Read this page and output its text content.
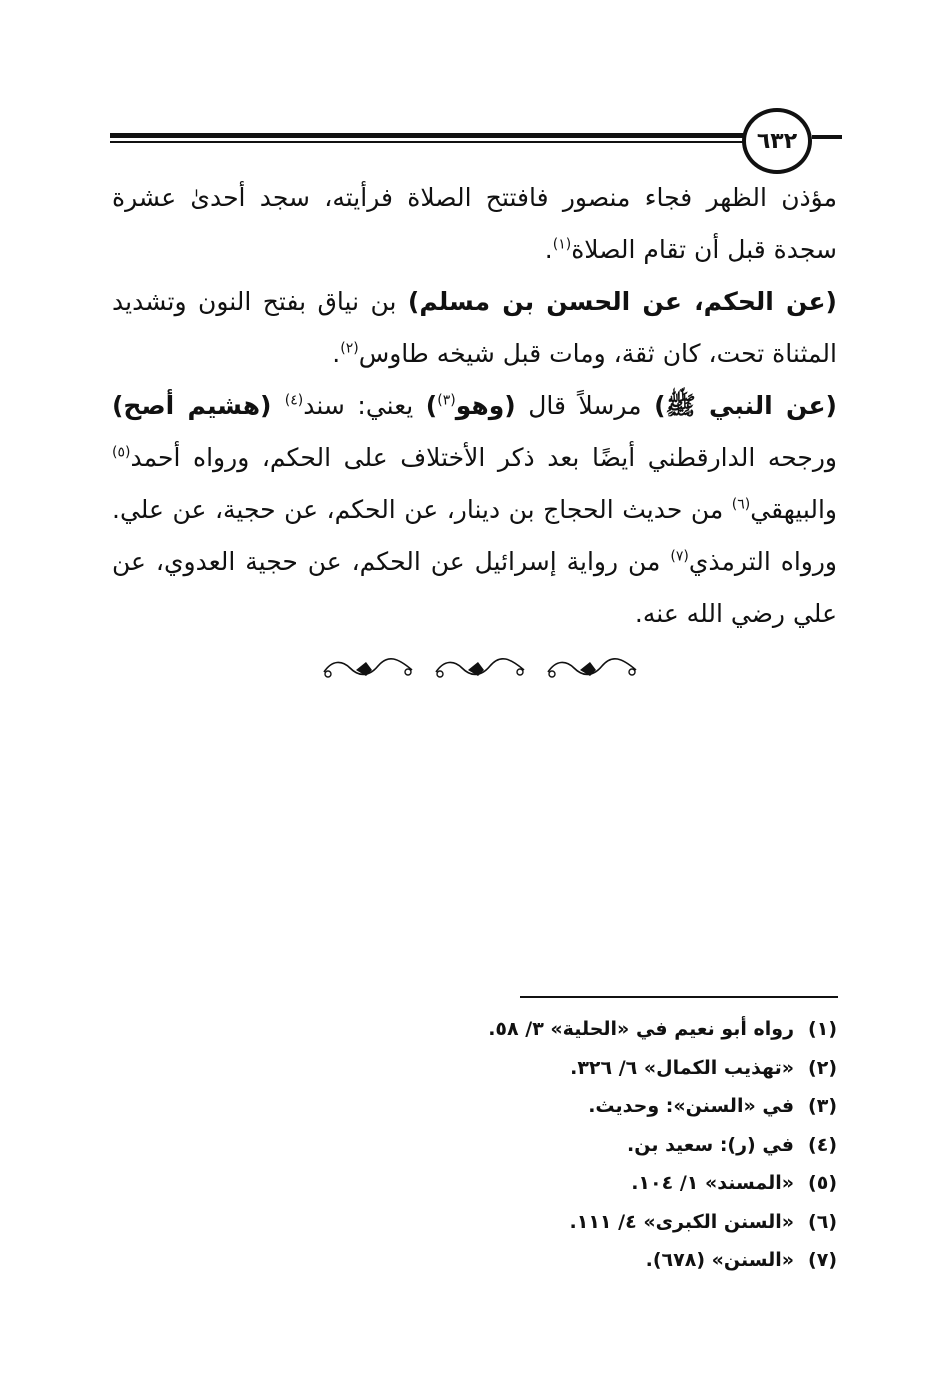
٦٣٢

مؤذن الظهر فجاء منصور فافتتح الصلاة فرأيته، سجد أحدىٰ عشرة سجدة قبل أن تقام الصلاة$^{(١)}$.

(عن الحكم، عن الحسن بن مسلم) بن نياق بفتح النون وتشديد المثناة تحت، كان ثقة، ومات قبل شيخه طاوس$^{(٢)}$.

(عن النبي ﷺ) مرسلاً قال (وهو$^{(٣)}$) يعني: سند$^{(٤)}$ (هشيم أصح) ورجحه الدارقطني أيضًا بعد ذكر الأختلاف على الحكم، ورواه أحمد$^{(٥)}$ والبيهقي$^{(٦)}$ من حديث الحجاج بن دينار، عن الحكم، عن حجية، عن علي. ورواه الترمذي$^{(٧)}$ من رواية إسرائيل عن الحكم، عن حجية العدوي، عن علي رضي الله عنه.

(١)
رواه أبو نعيم في «الحلية» ٣/ ٥٨.
(٢)
«تهذيب الكمال» ٦/ ٣٢٦.
(٣)
في «السنن»: وحديث.
(٤)
في (ر): سعيد بن.
(٥)
«المسند» ١/ ١٠٤.
(٦)
«السنن الكبرى» ٤/ ١١١.
(٧)
«السنن» (٦٧٨).
